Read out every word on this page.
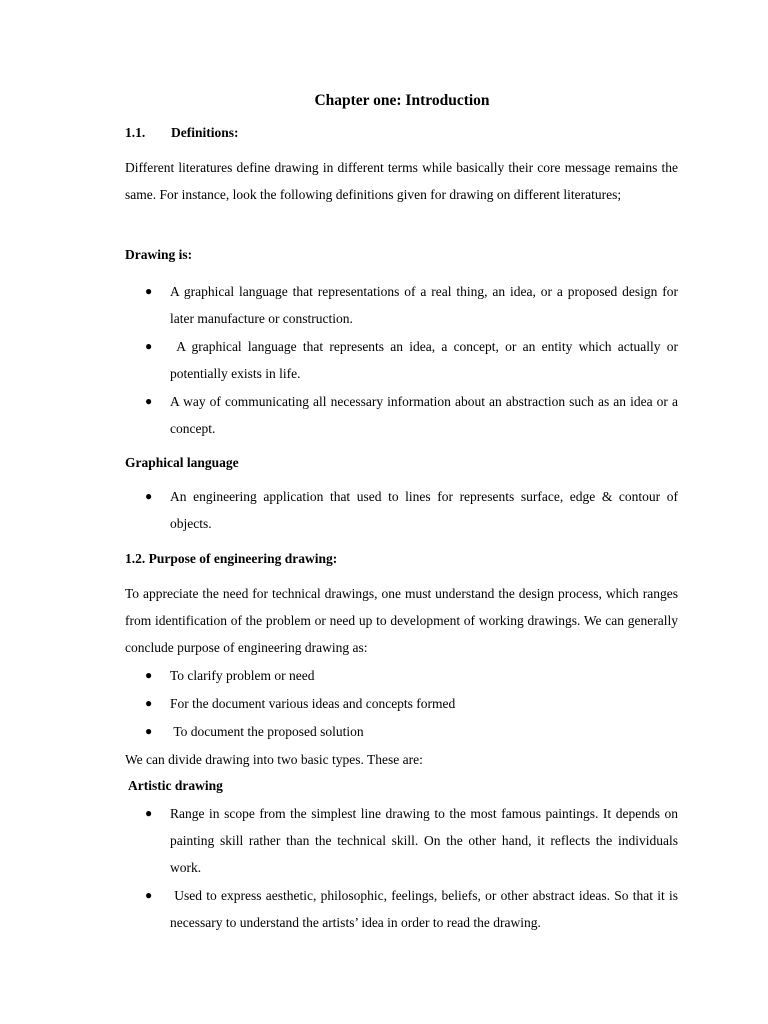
Chapter one: Introduction
1.1. Definitions:
Different literatures define drawing in different terms while basically their core message remains the same. For instance, look the following definitions given for drawing on different literatures;
Drawing is:
● A graphical language that representations of a real thing, an idea, or a proposed design for later manufacture or construction.
● A graphical language that represents an idea, a concept, or an entity which actually or potentially exists in life.
● A way of communicating all necessary information about an abstraction such as an idea or a concept.
Graphical language
● An engineering application that used to lines for represents surface, edge & contour of objects.
1.2. Purpose of engineering drawing:
To appreciate the need for technical drawings, one must understand the design process, which ranges from identification of the problem or need up to development of working drawings. We can generally conclude purpose of engineering drawing as:
● To clarify problem or need
● For the document various ideas and concepts formed
● To document the proposed solution
We can divide drawing into two basic types. These are:
Artistic drawing
● Range in scope from the simplest line drawing to the most famous paintings. It depends on painting skill rather than the technical skill. On the other hand, it reflects the individuals work.
● Used to express aesthetic, philosophic, feelings, beliefs, or other abstract ideas. So that it is necessary to understand the artists’ idea in order to read the drawing.
